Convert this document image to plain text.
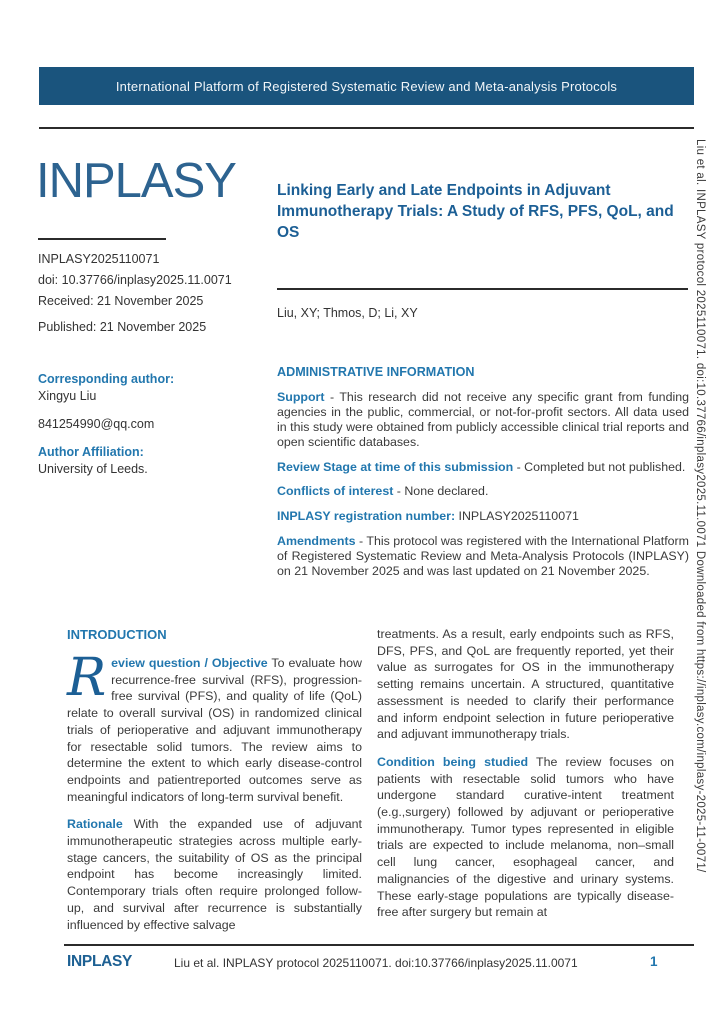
International Platform of Registered Systematic Review and Meta-analysis Protocols
INPLASY
INPLASY2025110071
doi: 10.37766/inplasy2025.11.0071
Received: 21 November 2025
Published: 21 November 2025
Corresponding author:
Xingyu Liu
841254990@qq.com
Author Affiliation:
University of Leeds.
Linking Early and Late Endpoints in Adjuvant Immunotherapy Trials: A Study of RFS, PFS, QoL, and OS
Liu, XY; Thmos, D; Li, XY
ADMINISTRATIVE INFORMATION

Support - This research did not receive any specific grant from funding agencies in the public, commercial, or not-for-profit sectors. All data used in this study were obtained from publicly accessible clinical trial reports and open scientific databases.

Review Stage at time of this submission - Completed but not published.

Conflicts of interest - None declared.

INPLASY registration number: INPLASY2025110071

Amendments - This protocol was registered with the International Platform of Registered Systematic Review and Meta-Analysis Protocols (INPLASY) on 21 November 2025 and was last updated on 21 November 2025.

INTRODUCTION

Review question / Objective To evaluate how recurrence-free survival (RFS), progression-free survival (PFS), and quality of life (QoL) relate to overall survival (OS) in randomized clinical trials of perioperative and adjuvant immunotherapy for resectable solid tumors. The review aims to determine the extent to which early disease-control endpoints and patientreported outcomes serve as meaningful indicators of long-term survival benefit.

Rationale With the expanded use of adjuvant immunotherapeutic strategies across multiple early-stage cancers, the suitability of OS as the principal endpoint has become increasingly limited. Contemporary trials often require prolonged follow-up, and survival after recurrence is substantially influenced by effective salvage

treatments. As a result, early endpoints such as RFS, DFS, PFS, and QoL are frequently reported, yet their value as surrogates for OS in the immunotherapy setting remains uncertain. A structured, quantitative assessment is needed to clarify their performance and inform endpoint selection in future perioperative and adjuvant immunotherapy trials.

Condition being studied The review focuses on patients with resectable solid tumors who have undergone standard curative-intent treatment (e.g.,surgery) followed by adjuvant or perioperative immunotherapy. Tumor types represented in eligible trials are expected to include melanoma, non–small cell lung cancer, esophageal cancer, and malignancies of the digestive and urinary systems. These early-stage populations are typically disease-free after surgery but remain at

INPLASY	Liu et al. INPLASY protocol 2025110071. doi:10.37766/inplasy2025.11.0071	1
Liu et al. INPLASY protocol 2025110071. doi:10.37766/inplasy2025.11.0071 Downloaded from https://inplasy.com/inplasy-2025-11-0071/
